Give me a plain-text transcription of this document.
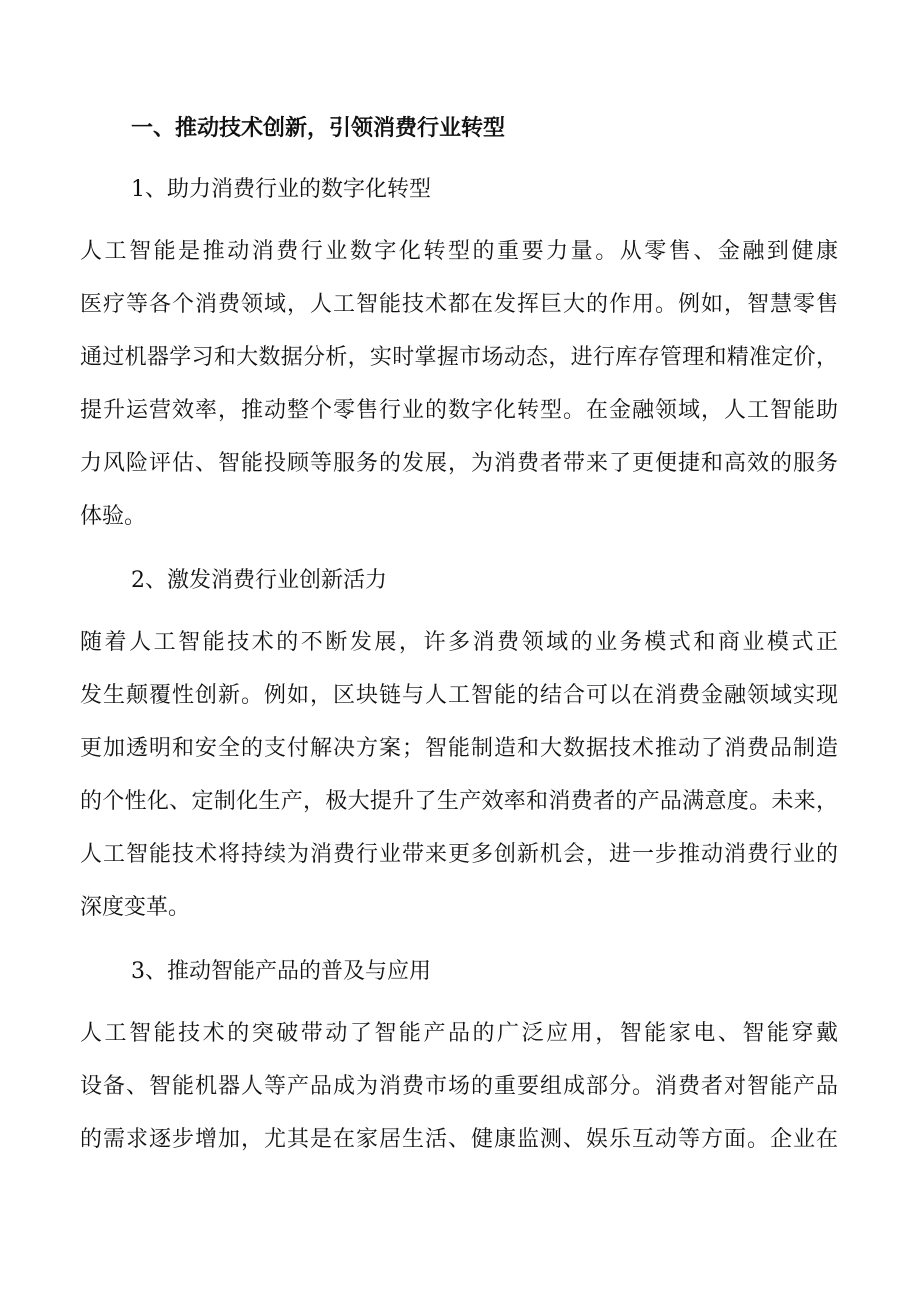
一、推动技术创新，引领消费行业转型
1、助力消费行业的数字化转型
人工智能是推动消费行业数字化转型的重要力量。从零售、金融到健康
医疗等各个消费领域，人工智能技术都在发挥巨大的作用。例如，智慧零售
通过机器学习和大数据分析，实时掌握市场动态，进行库存管理和精准定价，
提升运营效率，推动整个零售行业的数字化转型。在金融领域，人工智能助
力风险评估、智能投顾等服务的发展，为消费者带来了更便捷和高效的服务
体验。
2、激发消费行业创新活力
随着人工智能技术的不断发展，许多消费领域的业务模式和商业模式正
发生颠覆性创新。例如，区块链与人工智能的结合可以在消费金融领域实现
更加透明和安全的支付解决方案；智能制造和大数据技术推动了消费品制造
的个性化、定制化生产，极大提升了生产效率和消费者的产品满意度。未来，
人工智能技术将持续为消费行业带来更多创新机会，进一步推动消费行业的
深度变革。
3、推动智能产品的普及与应用
人工智能技术的突破带动了智能产品的广泛应用，智能家电、智能穿戴
设备、智能机器人等产品成为消费市场的重要组成部分。消费者对智能产品
的需求逐步增加，尤其是在家居生活、健康监测、娱乐互动等方面。企业在
